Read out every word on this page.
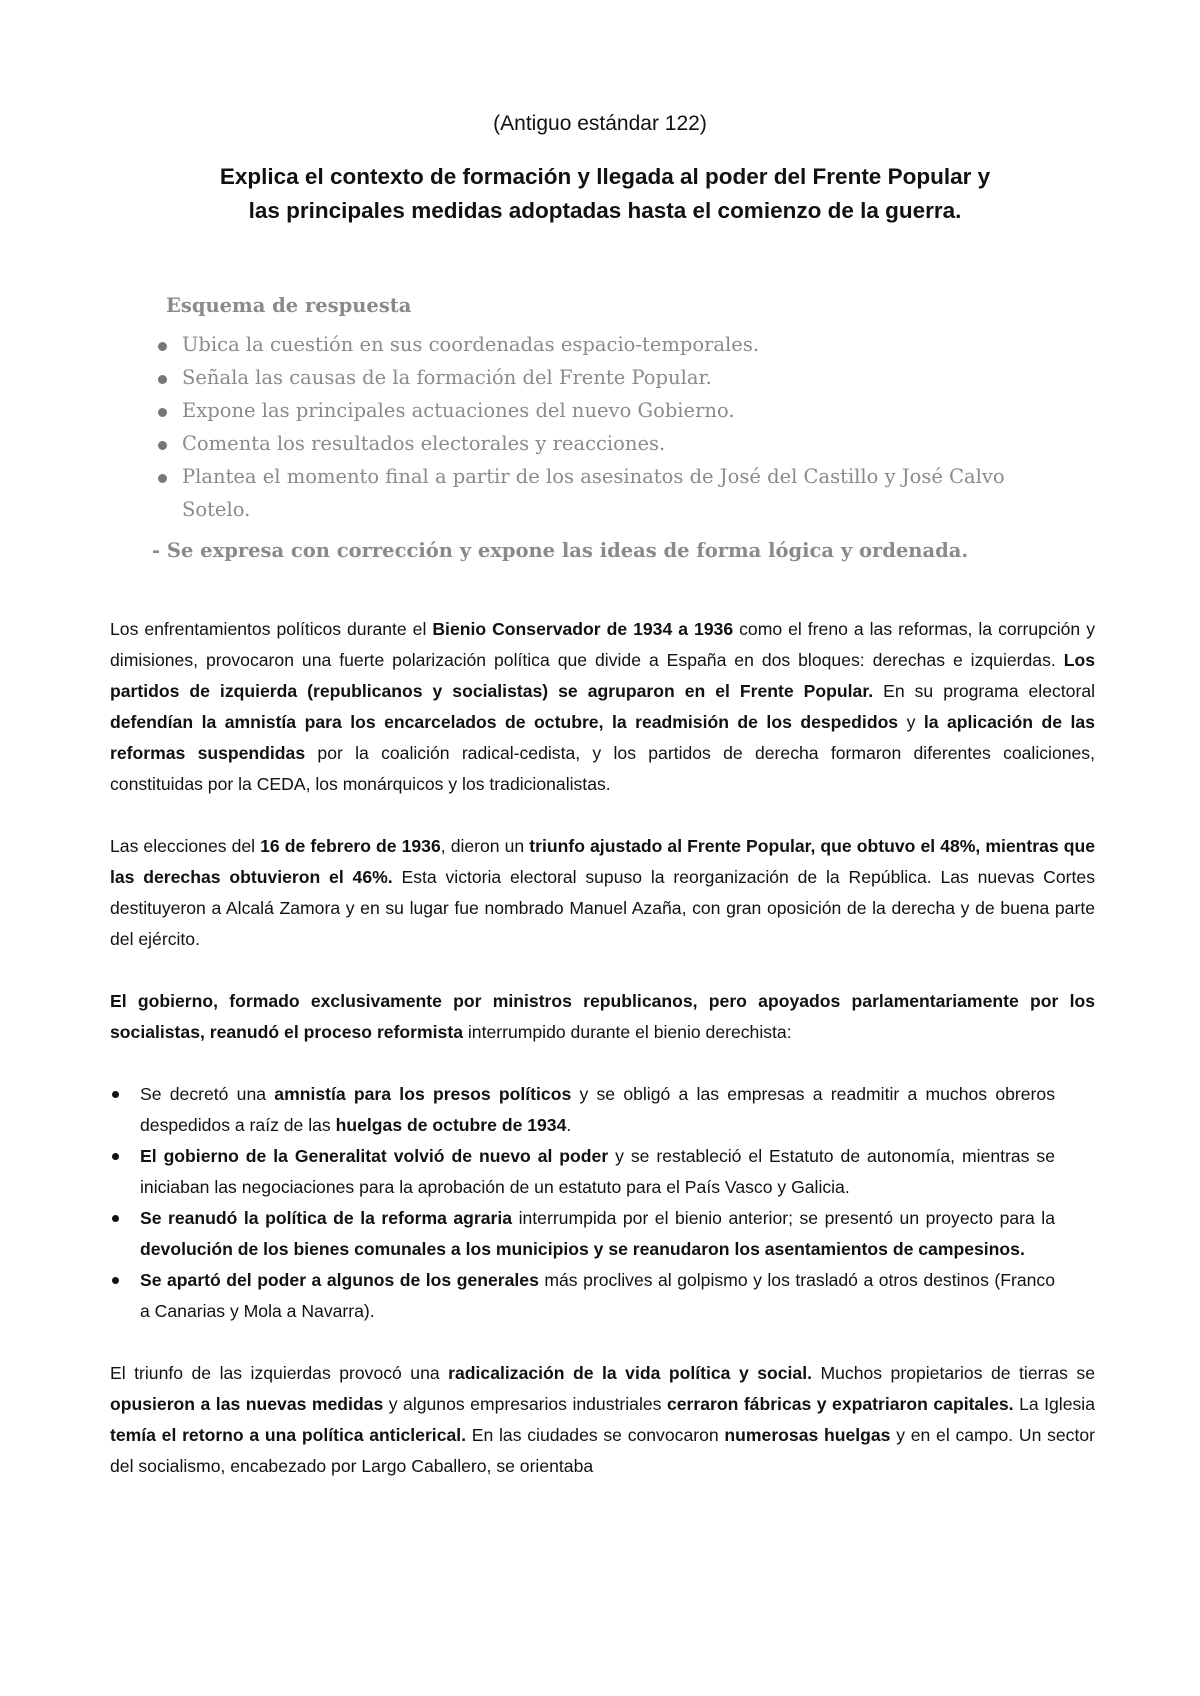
(Antiguo estándar 122)
Explica el contexto de formación y llegada al poder del Frente Popular y
las principales medidas adoptadas hasta el comienzo de la guerra.
Esquema de respuesta
Ubica la cuestión en sus coordenadas espacio-temporales.
Señala las causas de la formación del Frente Popular.
Expone las principales actuaciones del nuevo Gobierno.
Comenta los resultados electorales y reacciones.
Plantea el momento final a partir de los asesinatos de José del Castillo y José Calvo Sotelo.
- Se expresa con corrección y expone las ideas de forma lógica y ordenada.

Los enfrentamientos políticos durante el Bienio Conservador de 1934 a 1936 como el freno a las reformas, la corrupción y dimisiones, provocaron una fuerte polarización política que divide a España en dos bloques: derechas e izquierdas. Los partidos de izquierda (republicanos y socialistas) se agruparon en el Frente Popular. En su programa electoral defendían la amnistía para los encarcelados de octubre, la readmisión de los despedidos y la aplicación de las reformas suspendidas por la coalición radical-cedista, y los partidos de derecha formaron diferentes coaliciones, constituidas por la CEDA, los monárquicos y los tradicionalistas.

Las elecciones del 16 de febrero de 1936, dieron un triunfo ajustado al Frente Popular, que obtuvo el 48%, mientras que las derechas obtuvieron el 46%. Esta victoria electoral supuso la reorganización de la República. Las nuevas Cortes destituyeron a Alcalá Zamora y en su lugar fue nombrado Manuel Azaña, con gran oposición de la derecha y de buena parte del ejército.

El gobierno, formado exclusivamente por ministros republicanos, pero apoyados parlamentariamente por los socialistas, reanudó el proceso reformista interrumpido durante el bienio derechista:

Se decretó una amnistía para los presos políticos y se obligó a las empresas a readmitir a muchos obreros despedidos a raíz de las huelgas de octubre de 1934.
El gobierno de la Generalitat volvió de nuevo al poder y se restableció el Estatuto de autonomía, mientras se iniciaban las negociaciones para la aprobación de un estatuto para el País Vasco y Galicia.
Se reanudó la política de la reforma agraria interrumpida por el bienio anterior; se presentó un proyecto para la devolución de los bienes comunales a los municipios y se reanudaron los asentamientos de campesinos.
Se apartó del poder a algunos de los generales más proclives al golpismo y los trasladó a otros destinos (Franco a Canarias y Mola a Navarra).

El triunfo de las izquierdas provocó una radicalización de la vida política y social. Muchos propietarios de tierras se opusieron a las nuevas medidas y algunos empresarios industriales cerraron fábricas y expatriaron capitales. La Iglesia temía el retorno a una política anticlerical. En las ciudades se convocaron numerosas huelgas y en el campo. Un sector del socialismo, encabezado por Largo Caballero, se orientaba
